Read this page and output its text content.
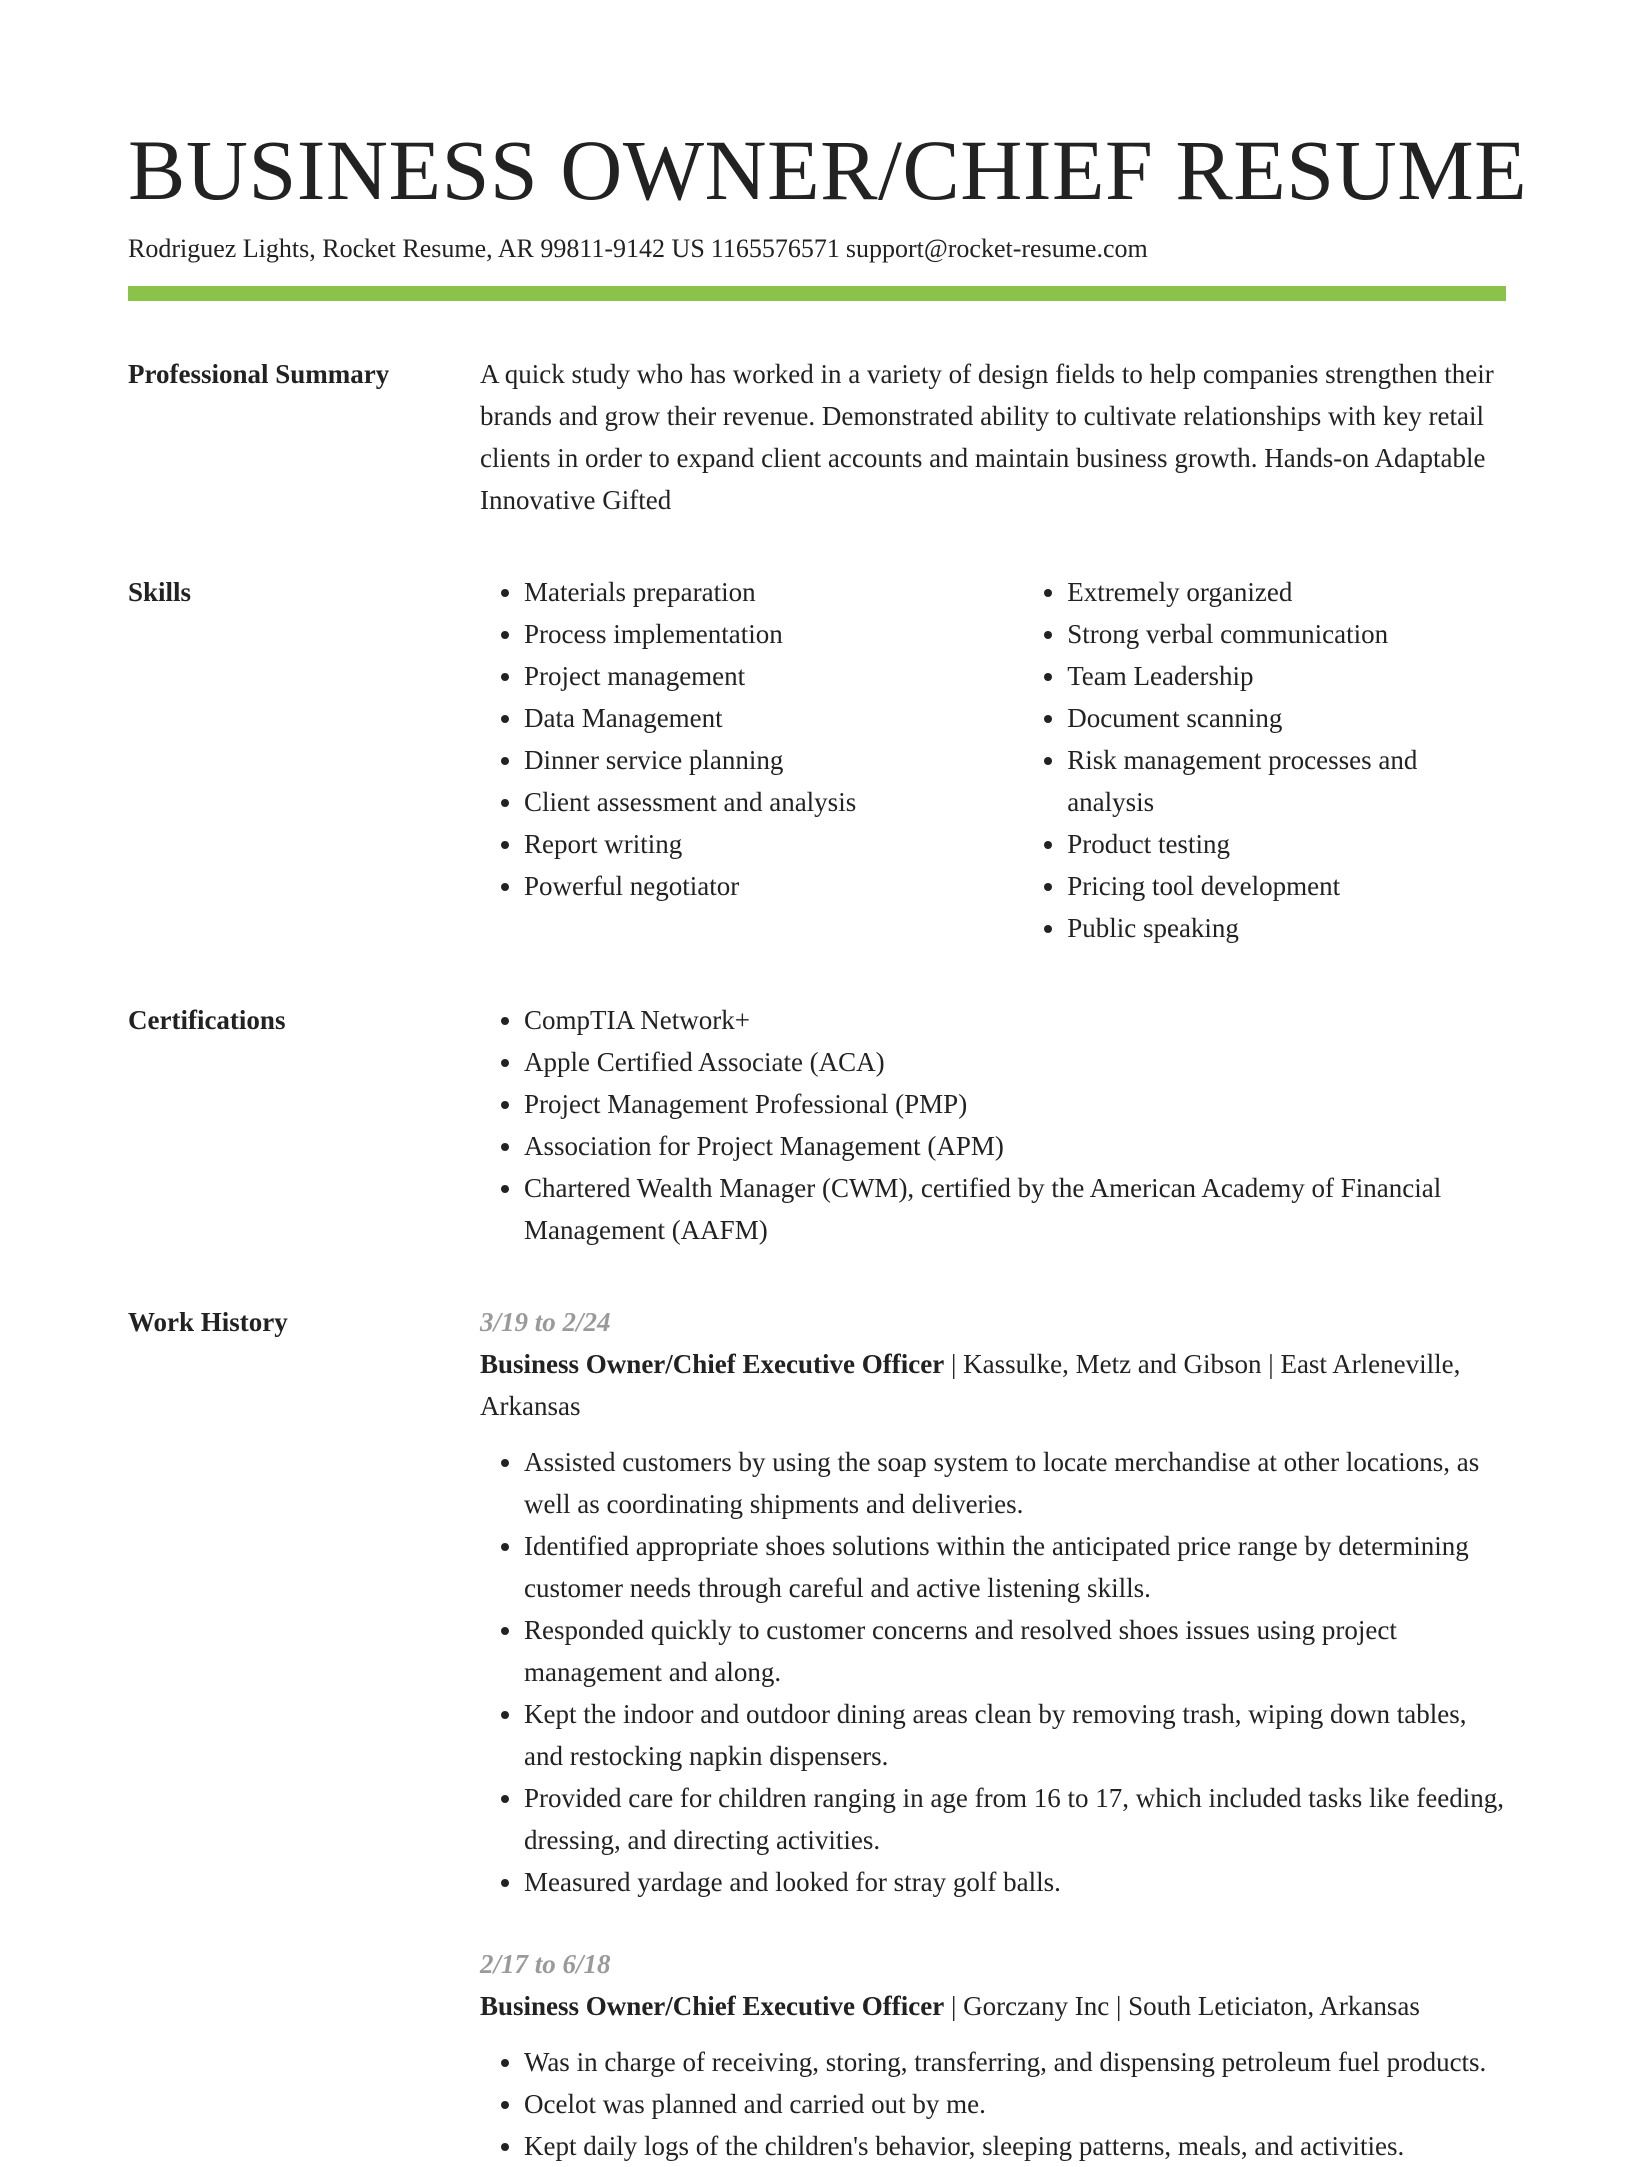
BUSINESS OWNER/CHIEF RESUME
Rodriguez Lights, Rocket Resume, AR 99811-9142 US 1165576571 support@rocket-resume.com
Professional Summary	A quick study who has worked in a variety of design fields to help companies strengthen their brands and grow their revenue. Demonstrated ability to cultivate relationships with key retail clients in order to expand client accounts and maintain business growth. Hands-on Adaptable Innovative Gifted

Skills	• Materials preparation
• Process implementation
• Project management
• Data Management
• Dinner service planning
• Client assessment and analysis
• Report writing
• Powerful negotiator
• Extremely organized
• Strong verbal communication
• Team Leadership
• Document scanning
• Risk management processes and analysis
• Product testing
• Pricing tool development
• Public speaking
Certifications	• CompTIA Network+
• Apple Certified Associate (ACA)
• Project Management Professional (PMP)
• Association for Project Management (APM)
• Chartered Wealth Manager (CWM), certified by the American Academy of Financial Management (AAFM)
Work History	3/19 to 2/24
Business Owner/Chief Executive Officer | Kassulke, Metz and Gibson | East Arleneville, Arkansas
• Assisted customers by using the soap system to locate merchandise at other locations, as well as coordinating shipments and deliveries.
• Identified appropriate shoes solutions within the anticipated price range by determining customer needs through careful and active listening skills.
• Responded quickly to customer concerns and resolved shoes issues using project management and along.
• Kept the indoor and outdoor dining areas clean by removing trash, wiping down tables, and restocking napkin dispensers.
• Provided care for children ranging in age from 16 to 17, which included tasks like feeding, dressing, and directing activities.
• Measured yardage and looked for stray golf balls.
2/17 to 6/18
Business Owner/Chief Executive Officer | Gorczany Inc | South Leticiaton, Arkansas
• Was in charge of receiving, storing, transferring, and dispensing petroleum fuel products.
• Ocelot was planned and carried out by me.
• Kept daily logs of the children's behavior, sleeping patterns, meals, and activities.
